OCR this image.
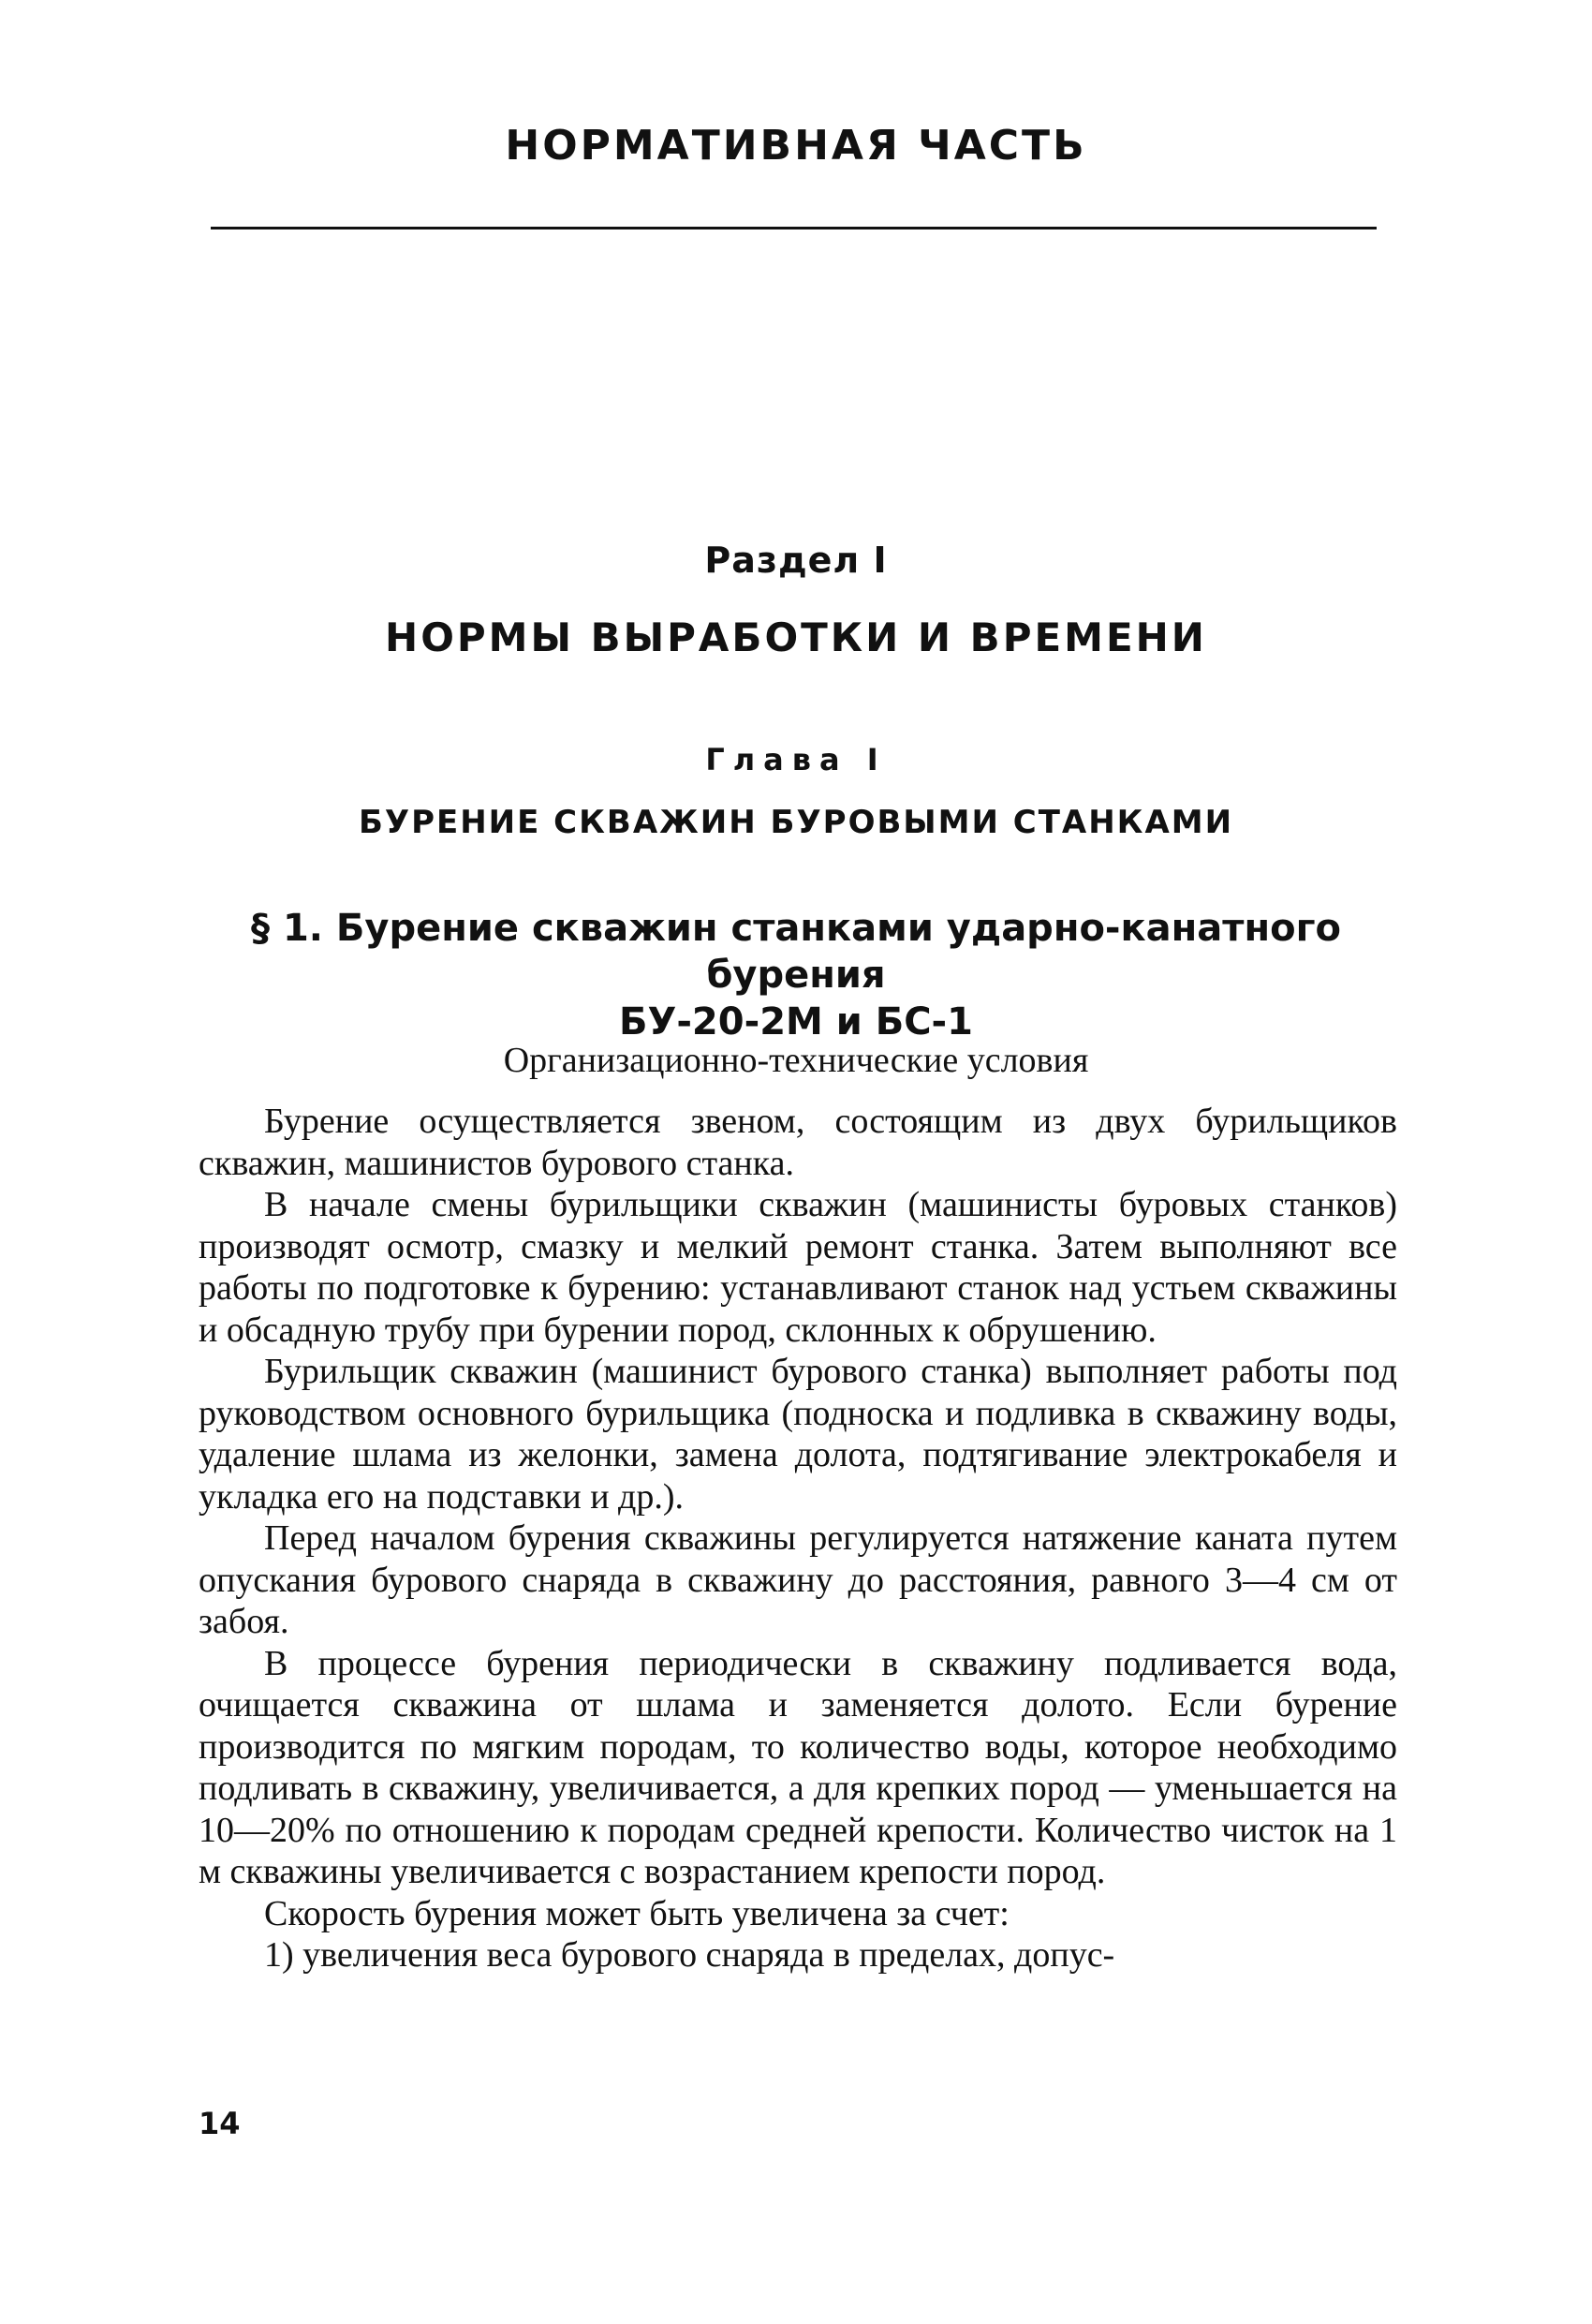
НОРМАТИВНАЯ ЧАСТЬ
Раздел I
НОРМЫ ВЫРАБОТКИ И ВРЕМЕНИ
Глава I
БУРЕНИЕ СКВАЖИН БУРОВЫМИ СТАНКАМИ
§ 1. Бурение скважин станками ударно-канатного бурения
БУ-20-2М и БС-1
Организационно-технические условия

Бурение осуществляется звеном, состоящим из двух бурильщиков скважин, машинистов бурового станка.

В начале смены бурильщики скважин (машинисты буровых станков) производят осмотр, смазку и мелкий ремонт станка. Затем выполняют все работы по подготовке к бурению: устанавливают станок над устьем скважины и обсадную трубу при бурении пород, склонных к обрушению.

Бурильщик скважин (машинист бурового станка) выполняет работы под руководством основного бурильщика (подноска и подливка в скважину воды, удаление шлама из желонки, замена долота, подтягивание электрокабеля и укладка его на подставки и др.).

Перед началом бурения скважины регулируется натяжение каната путем опускания бурового снаряда в скважину до расстояния, равного 3—4 см от забоя.

В процессе бурения периодически в скважину подливается вода, очищается скважина от шлама и заменяется долото. Если бурение производится по мягким породам, то количество воды, которое необходимо подливать в скважину, увеличивается, а для крепких пород — уменьшается на 10—20% по отношению к породам средней крепости. Количество чисток на 1 м скважины увеличивается с возрастанием крепости пород.

Скорость бурения может быть увеличена за счет:

1) увеличения веса бурового снаряда в пределах, допус-

14
